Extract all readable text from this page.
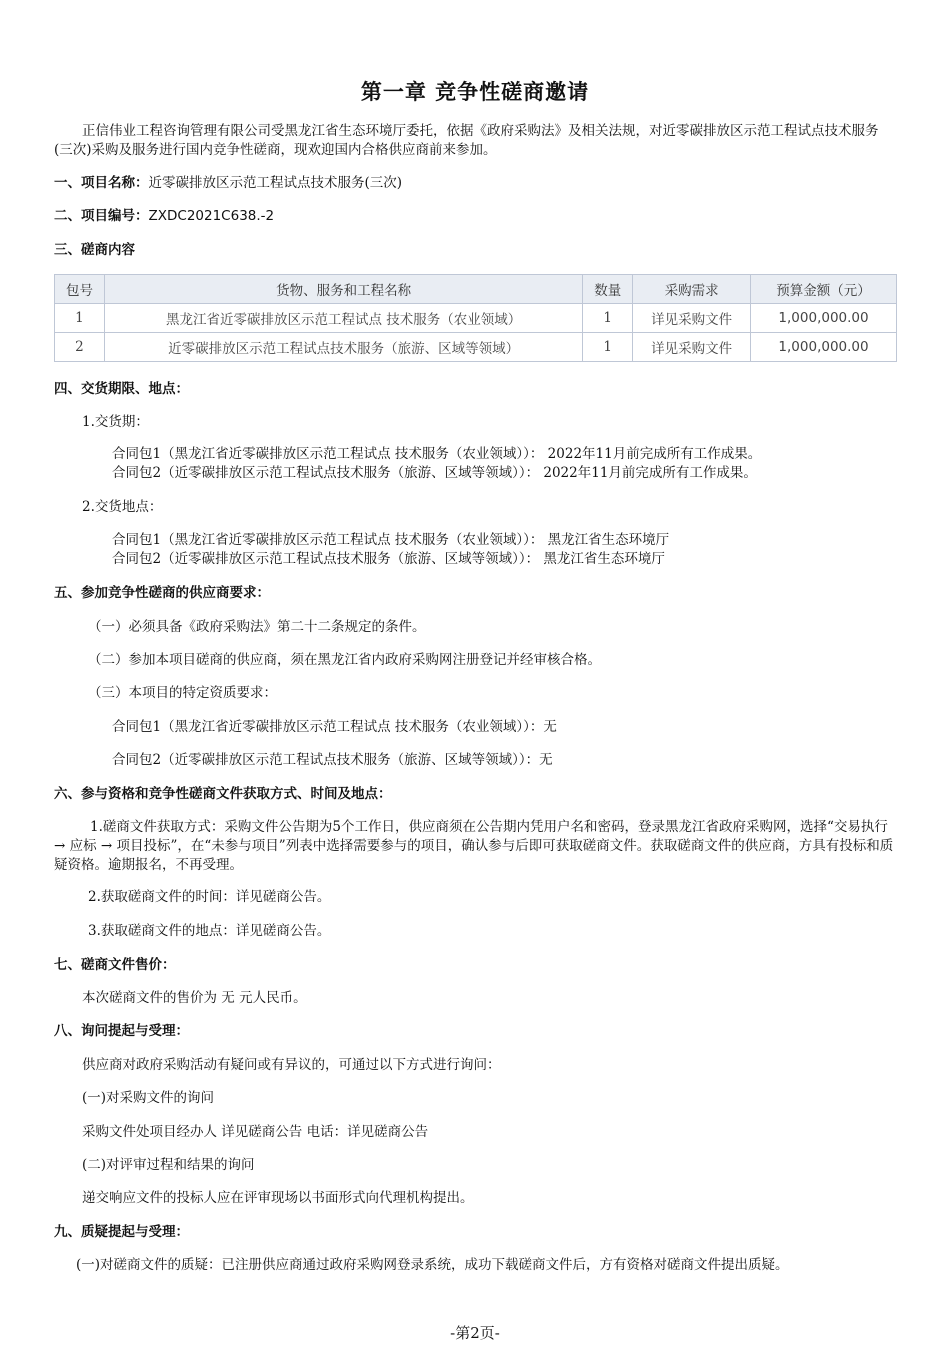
第一章 竞争性磋商邀请
正信伟业工程咨询管理有限公司受黑龙江省生态环境厅委托，依据《政府采购法》及相关法规，对近零碳排放区示范工程试点技术服务(三次)采购及服务进行国内竞争性磋商，现欢迎国内合格供应商前来参加。
一、项目名称：近零碳排放区示范工程试点技术服务(三次)
二、项目编号：ZXDC2021C638.-2
三、磋商内容
包号	货物、服务和工程名称	数量	采购需求	预算金额（元）
1	黑龙江省近零碳排放区示范工程试点 技术服务（农业领域）	1	详见采购文件	1,000,000.00
2	近零碳排放区示范工程试点技术服务（旅游、区域等领域）	1	详见采购文件	1,000,000.00
四、交货期限、地点：
1.交货期：
合同包1（黑龙江省近零碳排放区示范工程试点 技术服务（农业领域））： 2022年11月前完成所有工作成果。
合同包2（近零碳排放区示范工程试点技术服务（旅游、区域等领域））： 2022年11月前完成所有工作成果。
2.交货地点：
合同包1（黑龙江省近零碳排放区示范工程试点 技术服务（农业领域））： 黑龙江省生态环境厅
合同包2（近零碳排放区示范工程试点技术服务（旅游、区域等领域））： 黑龙江省生态环境厅
五、参加竞争性磋商的供应商要求：
（一）必须具备《政府采购法》第二十二条规定的条件。
（二）参加本项目磋商的供应商，须在黑龙江省内政府采购网注册登记并经审核合格。
（三）本项目的特定资质要求：
合同包1（黑龙江省近零碳排放区示范工程试点 技术服务（农业领域））：无
合同包2（近零碳排放区示范工程试点技术服务（旅游、区域等领域））：无
六、参与资格和竞争性磋商文件获取方式、时间及地点：
1.磋商文件获取方式：采购文件公告期为5个工作日，供应商须在公告期内凭用户名和密码，登录黑龙江省政府采购网，选择“交易执行 → 应标 → 项目投标”，在“未参与项目”列表中选择需要参与的项目，确认参与后即可获取磋商文件。获取磋商文件的供应商，方具有投标和质疑资格。逾期报名，不再受理。
2.获取磋商文件的时间：详见磋商公告。
3.获取磋商文件的地点：详见磋商公告。
七、磋商文件售价：
本次磋商文件的售价为 无 元人民币。
八、询问提起与受理：
供应商对政府采购活动有疑问或有异议的，可通过以下方式进行询问：
(一)对采购文件的询问
采购文件处项目经办人 详见磋商公告 电话：详见磋商公告
(二)对评审过程和结果的询问
递交响应文件的投标人应在评审现场以书面形式向代理机构提出。
九、质疑提起与受理：
(一)对磋商文件的质疑：已注册供应商通过政府采购网登录系统，成功下载磋商文件后，方有资格对磋商文件提出质疑。
-第2页-
